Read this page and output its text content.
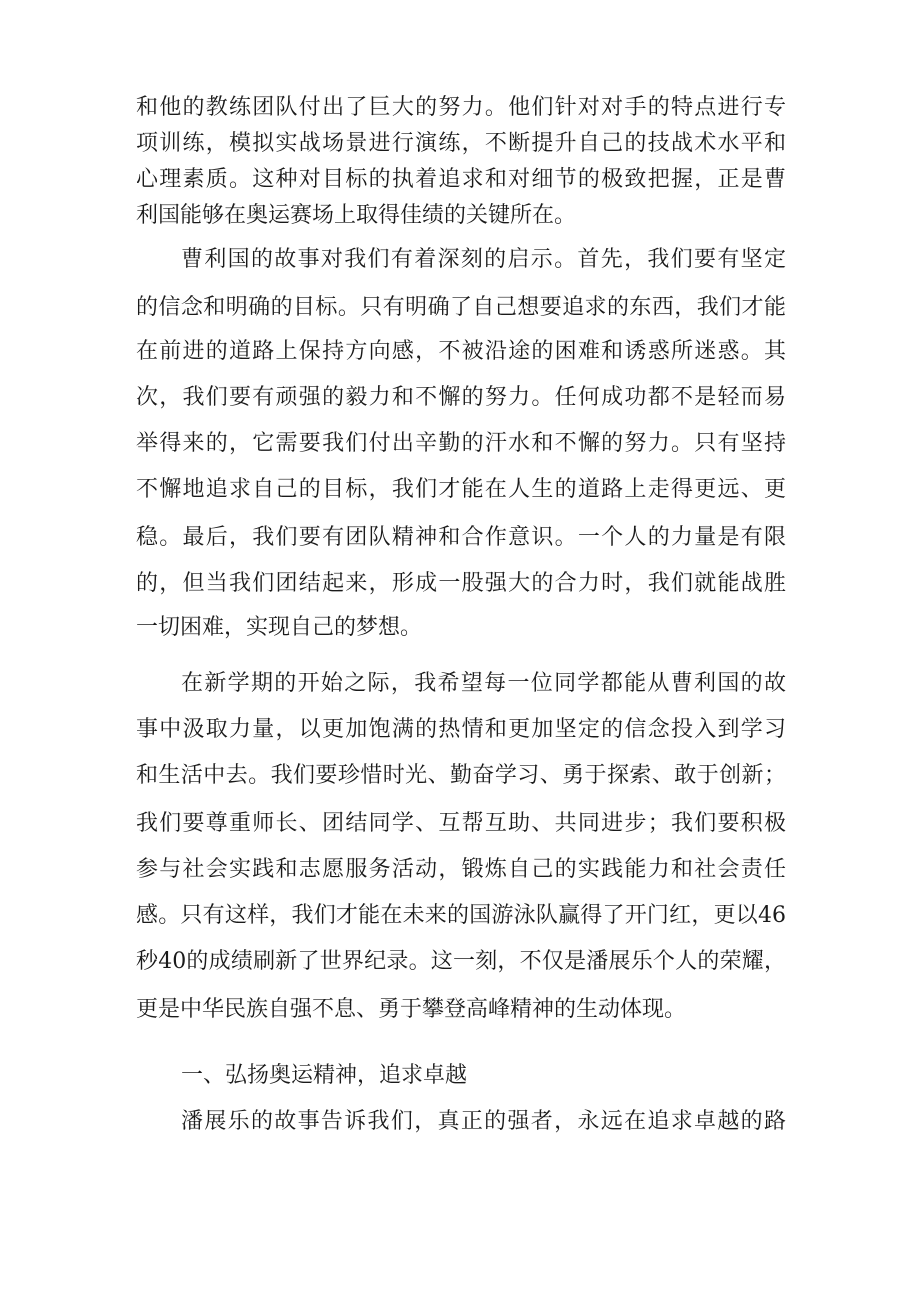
和他的教练团队付出了巨大的努力。他们针对对手的特点进行专
项训练，模拟实战场景进行演练，不断提升自己的技战术水平和
心理素质。这种对目标的执着追求和对细节的极致把握，正是曹
利国能够在奥运赛场上取得佳绩的关键所在。
曹利国的故事对我们有着深刻的启示。首先，我们要有坚定
的信念和明确的目标。只有明确了自己想要追求的东西，我们才能
在前进的道路上保持方向感，不被沿途的困难和诱惑所迷惑。其
次，我们要有顽强的毅力和不懈的努力。任何成功都不是轻而易
举得来的，它需要我们付出辛勤的汗水和不懈的努力。只有坚持
不懈地追求自己的目标，我们才能在人生的道路上走得更远、更
稳。最后，我们要有团队精神和合作意识。一个人的力量是有限
的，但当我们团结起来，形成一股强大的合力时，我们就能战胜
一切困难，实现自己的梦想。
在新学期的开始之际，我希望每一位同学都能从曹利国的故
事中汲取力量，以更加饱满的热情和更加坚定的信念投入到学习
和生活中去。我们要珍惜时光、勤奋学习、勇于探索、敢于创新；
我们要尊重师长、团结同学、互帮互助、共同进步；我们要积极
参与社会实践和志愿服务活动，锻炼自己的实践能力和社会责任
感。只有这样，我们才能在未来的国游泳队赢得了开门红，更以46
秒40的成绩刷新了世界纪录。这一刻，不仅是潘展乐个人的荣耀，
更是中华民族自强不息、勇于攀登高峰精神的生动体现。
一、弘扬奥运精神，追求卓越
潘展乐的故事告诉我们，真正的强者，永远在追求卓越的路
